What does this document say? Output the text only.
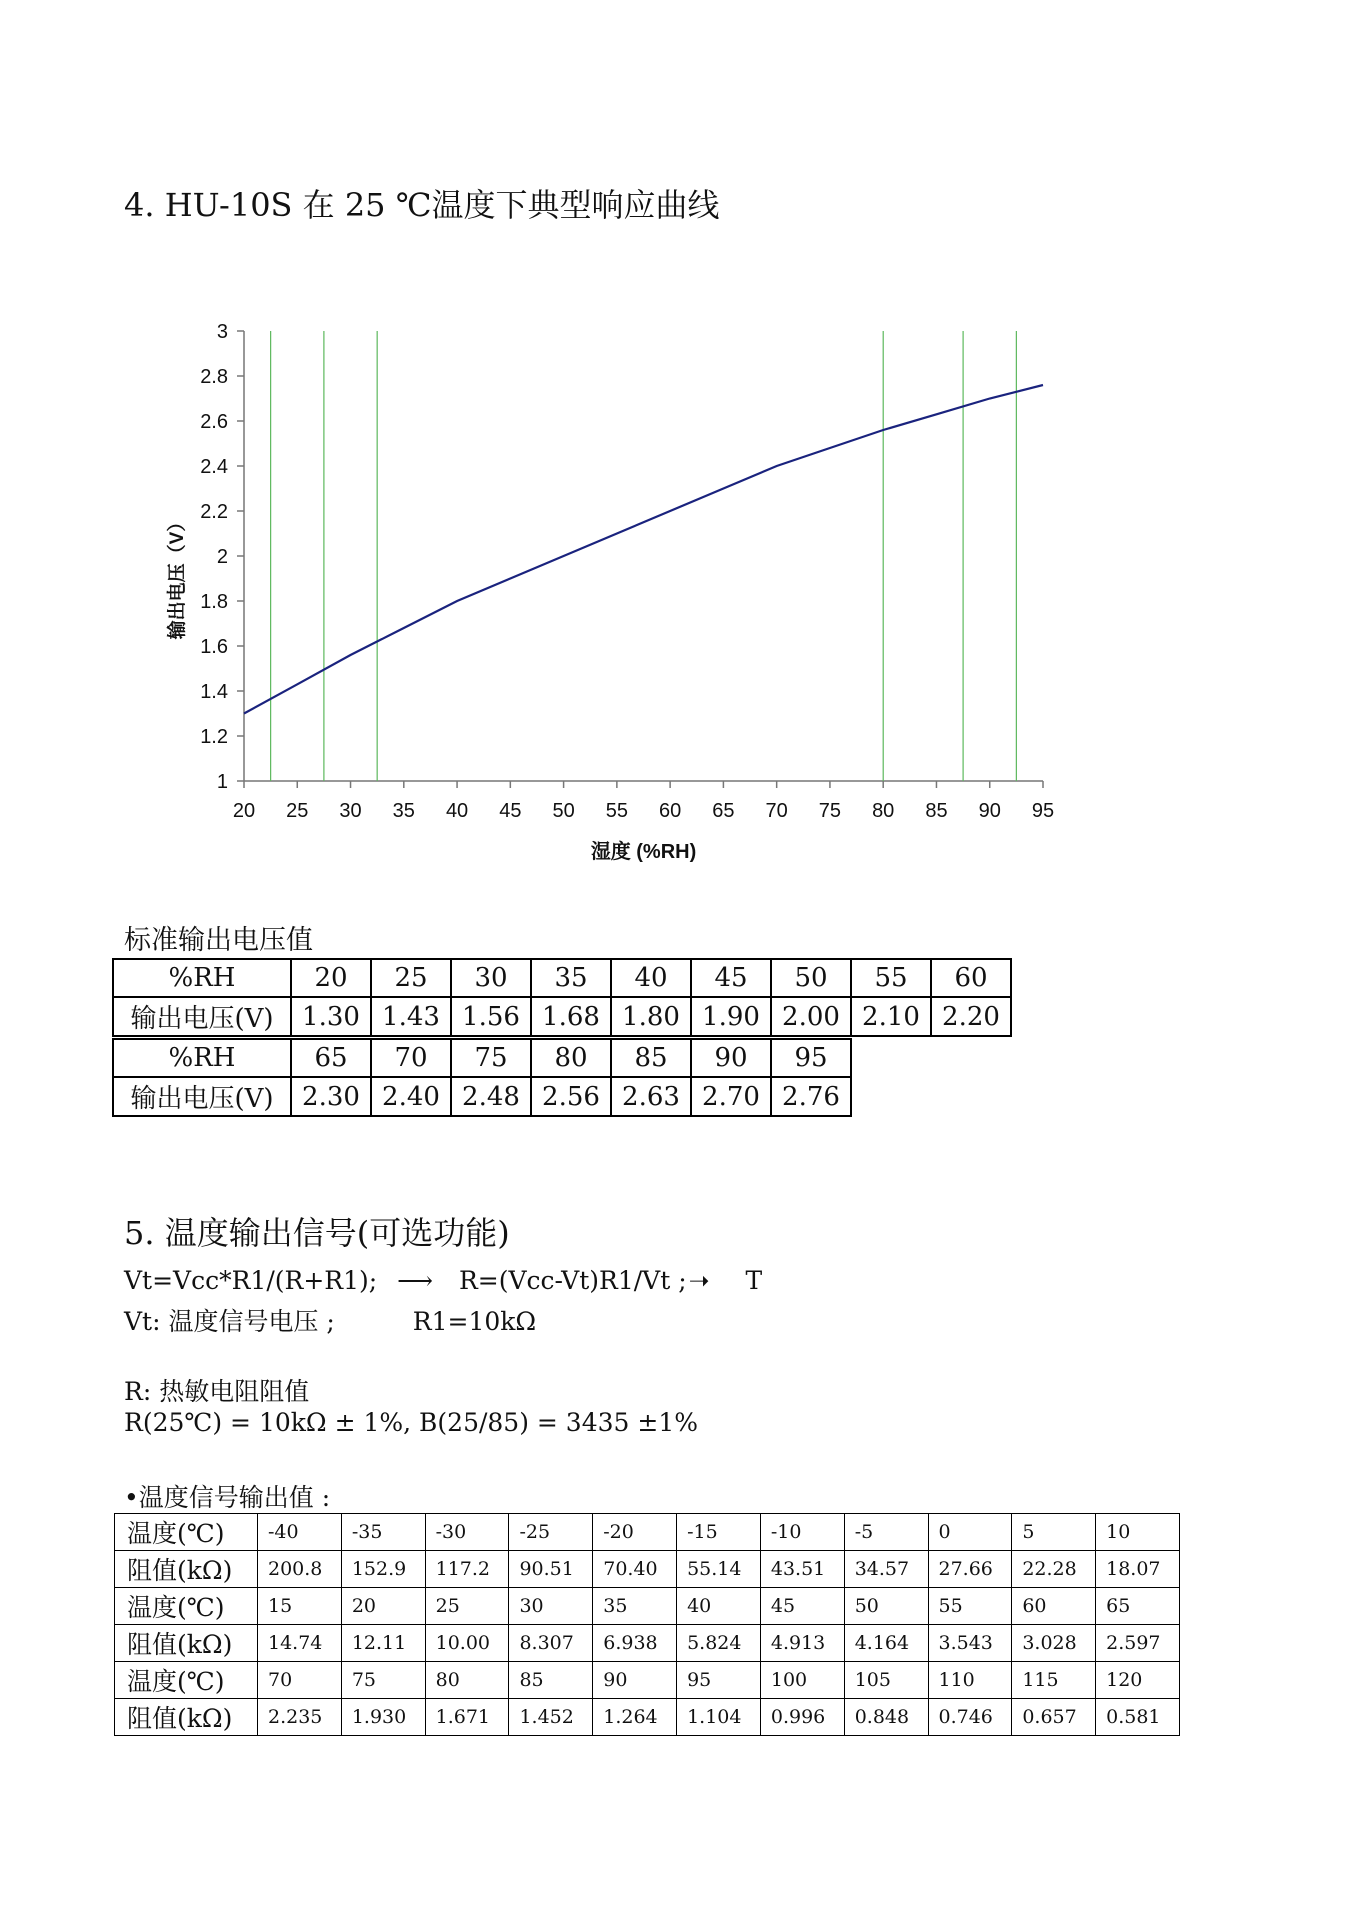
4. HU-10S 在 25 ℃温度下典型响应曲线
1
1.2
1.4
1.6
1.8
2
2.2
2.4
2.6
2.8
3
20 25 30 35 40 45 50 55 60 65 70 75 80 85 90 95
湿度 (%RH)
输出电压（V）
标准输出电压值
%RH	20	25	30	35	40	45	50	55	60
输出电压(V)	1.30	1.43	1.56	1.68	1.80	1.90	2.00	2.10	2.20
%RH	65	70	75	80	85	90	95
输出电压(V)	2.30	2.40	2.48	2.56	2.63	2.70	2.76
5. 温度输出信号(可选功能)
Vt=Vcc*R1/(R+R1); ⟶ R=(Vcc-Vt)R1/Vt ; ➝ T
Vt: 温度信号电压 ;	R1=10kΩ
R: 热敏电阻阻值
R(25℃) = 10kΩ ± 1%, B(25/85) = 3435 ±1%
•温度信号输出值 :
温度(℃)	-40	-35	-30	-25	-20	-15	-10	-5	0	5	10
阻值(kΩ)	200.8	152.9	117.2	90.51	70.40	55.14	43.51	34.57	27.66	22.28	18.07
温度(℃)	15	20	25	30	35	40	45	50	55	60	65
阻值(kΩ)	14.74	12.11	10.00	8.307	6.938	5.824	4.913	4.164	3.543	3.028	2.597
温度(℃)	70	75	80	85	90	95	100	105	110	115	120
阻值(kΩ)	2.235	1.930	1.671	1.452	1.264	1.104	0.996	0.848	0.746	0.657	0.581
